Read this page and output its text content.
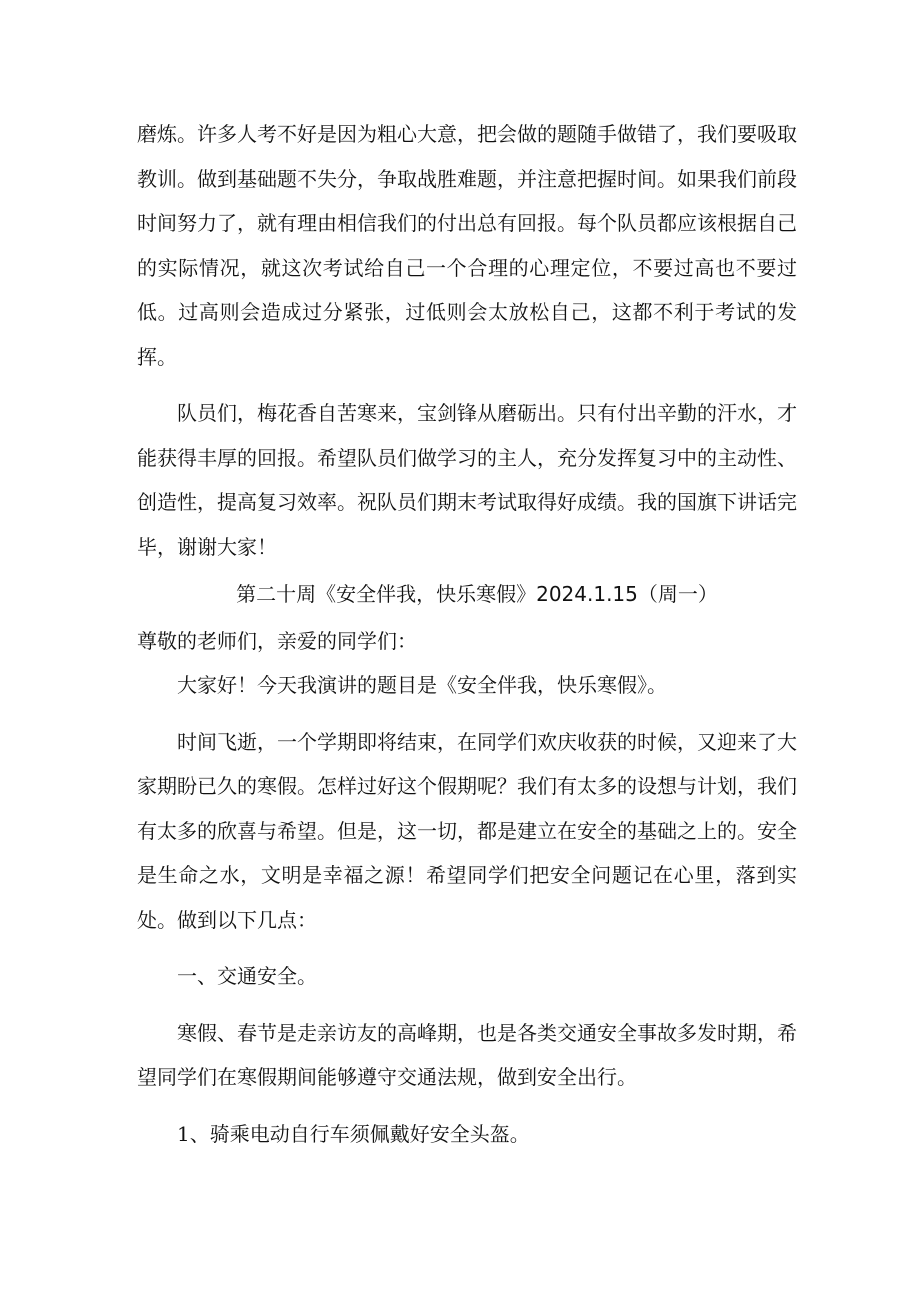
磨炼。许多人考不好是因为粗心大意，把会做的题随手做错了，我们要吸取教训。做到基础题不失分，争取战胜难题，并注意把握时间。如果我们前段时间努力了，就有理由相信我们的付出总有回报。每个队员都应该根据自己的实际情况，就这次考试给自己一个合理的心理定位，不要过高也不要过低。过高则会造成过分紧张，过低则会太放松自己，这都不利于考试的发挥。

队员们，梅花香自苦寒来，宝剑锋从磨砺出。只有付出辛勤的汗水，才能获得丰厚的回报。希望队员们做学习的主人，充分发挥复习中的主动性、创造性，提高复习效率。祝队员们期末考试取得好成绩。我的国旗下讲话完毕，谢谢大家！

第二十周《安全伴我，快乐寒假》2024.1.15（周一）

尊敬的老师们，亲爱的同学们：

大家好！今天我演讲的题目是《安全伴我，快乐寒假》。

时间飞逝，一个学期即将结束，在同学们欢庆收获的时候，又迎来了大家期盼已久的寒假。怎样过好这个假期呢？我们有太多的设想与计划，我们有太多的欣喜与希望。但是，这一切，都是建立在安全的基础之上的。安全是生命之水，文明是幸福之源！希望同学们把安全问题记在心里，落到实处。做到以下几点：

一、交通安全。

寒假、春节是走亲访友的高峰期，也是各类交通安全事故多发时期，希望同学们在寒假期间能够遵守交通法规，做到安全出行。

1、骑乘电动自行车须佩戴好安全头盔。
